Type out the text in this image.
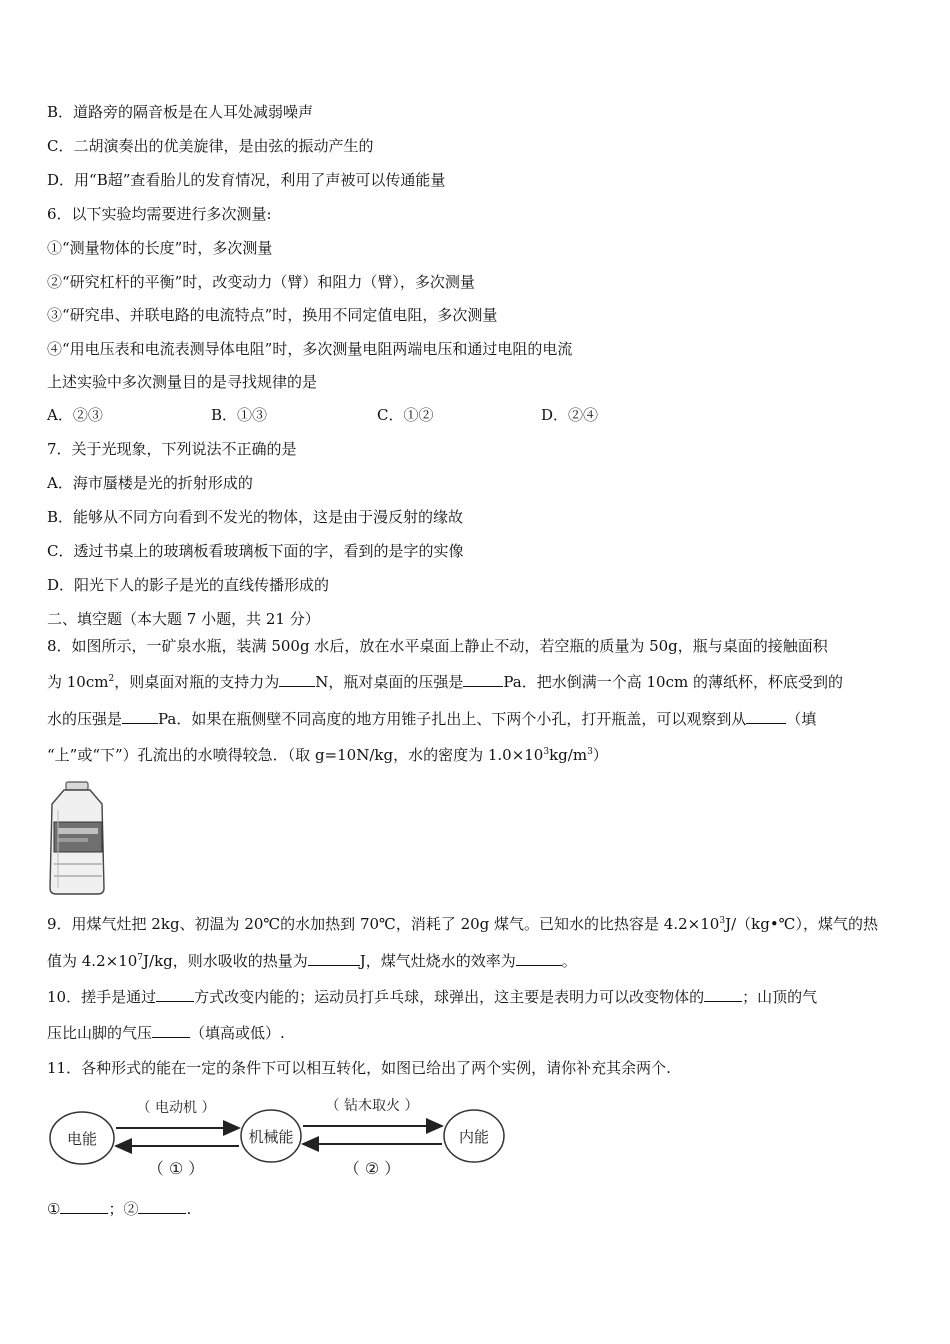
B．道路旁的隔音板是在人耳处减弱噪声
C．二胡演奏出的优美旋律，是由弦的振动产生的
D．用“B超”查看胎儿的发育情况，利用了声被可以传通能量
6．以下实验均需要进行多次测量:
①“测量物体的长度”时，多次测量
②“研究杠杆的平衡”时，改变动力（臂）和阻力（臂），多次测量
③“研究串、并联电路的电流特点”时，换用不同定值电阻，多次测量
④“用电压表和电流表测导体电阻”时，多次测量电阻两端电压和通过电阻的电流
上述实验中多次测量目的是寻找规律的是
A．②③	B．①③	C．①②	D．②④
7．关于光现象，下列说法不正确的是
A．海市蜃楼是光的折射形成的
B．能够从不同方向看到不发光的物体，这是由于漫反射的缘故
C．透过书桌上的玻璃板看玻璃板下面的字，看到的是字的实像
D．阳光下人的影子是光的直线传播形成的
二、填空题（本大题 7 小题，共 21 分）
8．如图所示，一矿泉水瓶，装满 500g 水后，放在水平桌面上静止不动，若空瓶的质量为 50g，瓶与桌面的接触面积
为 $10cm^2$，则桌面对瓶的支持力为 N，瓶对桌面的压强是	Pa．把水倒满一个高 10cm 的薄纸杯，杯底受到的
水的压强是 Pa．如果在瓶侧壁不同高度的地方用锥子扎出上、下两个小孔，打开瓶盖，可以观察到从	（填
“上”或“下”）孔流出的水喷得较急．（取 g=10N/kg，水的密度为 $1.0\times 10^3kg/m^3$）
9．用煤气灶把 2kg、初温为 20℃的水加热到 70℃，消耗了 20g 煤气。已知水的比热容是 $4.2\times 10^3J/(kg•℃)$，煤气的热
值为 $4.2\times 10^7J/kg$，则水吸收的热量为	J，煤气灶烧水的效率为	。
10．搓手是通过	方式改变内能的；运动员打乒乓球，球弹出，这主要是表明力可以改变物体的	；山顶的气
压比山脚的气压	（填高或低）.
11．各种形式的能在一定的条件下可以相互转化，如图已给出了两个实例，请你补充其余两个.
电能	机械能	内能
（ 电动机 ）	（ 钻木取火 ）
（ ① ）	（ ② ）
①	；②	.
